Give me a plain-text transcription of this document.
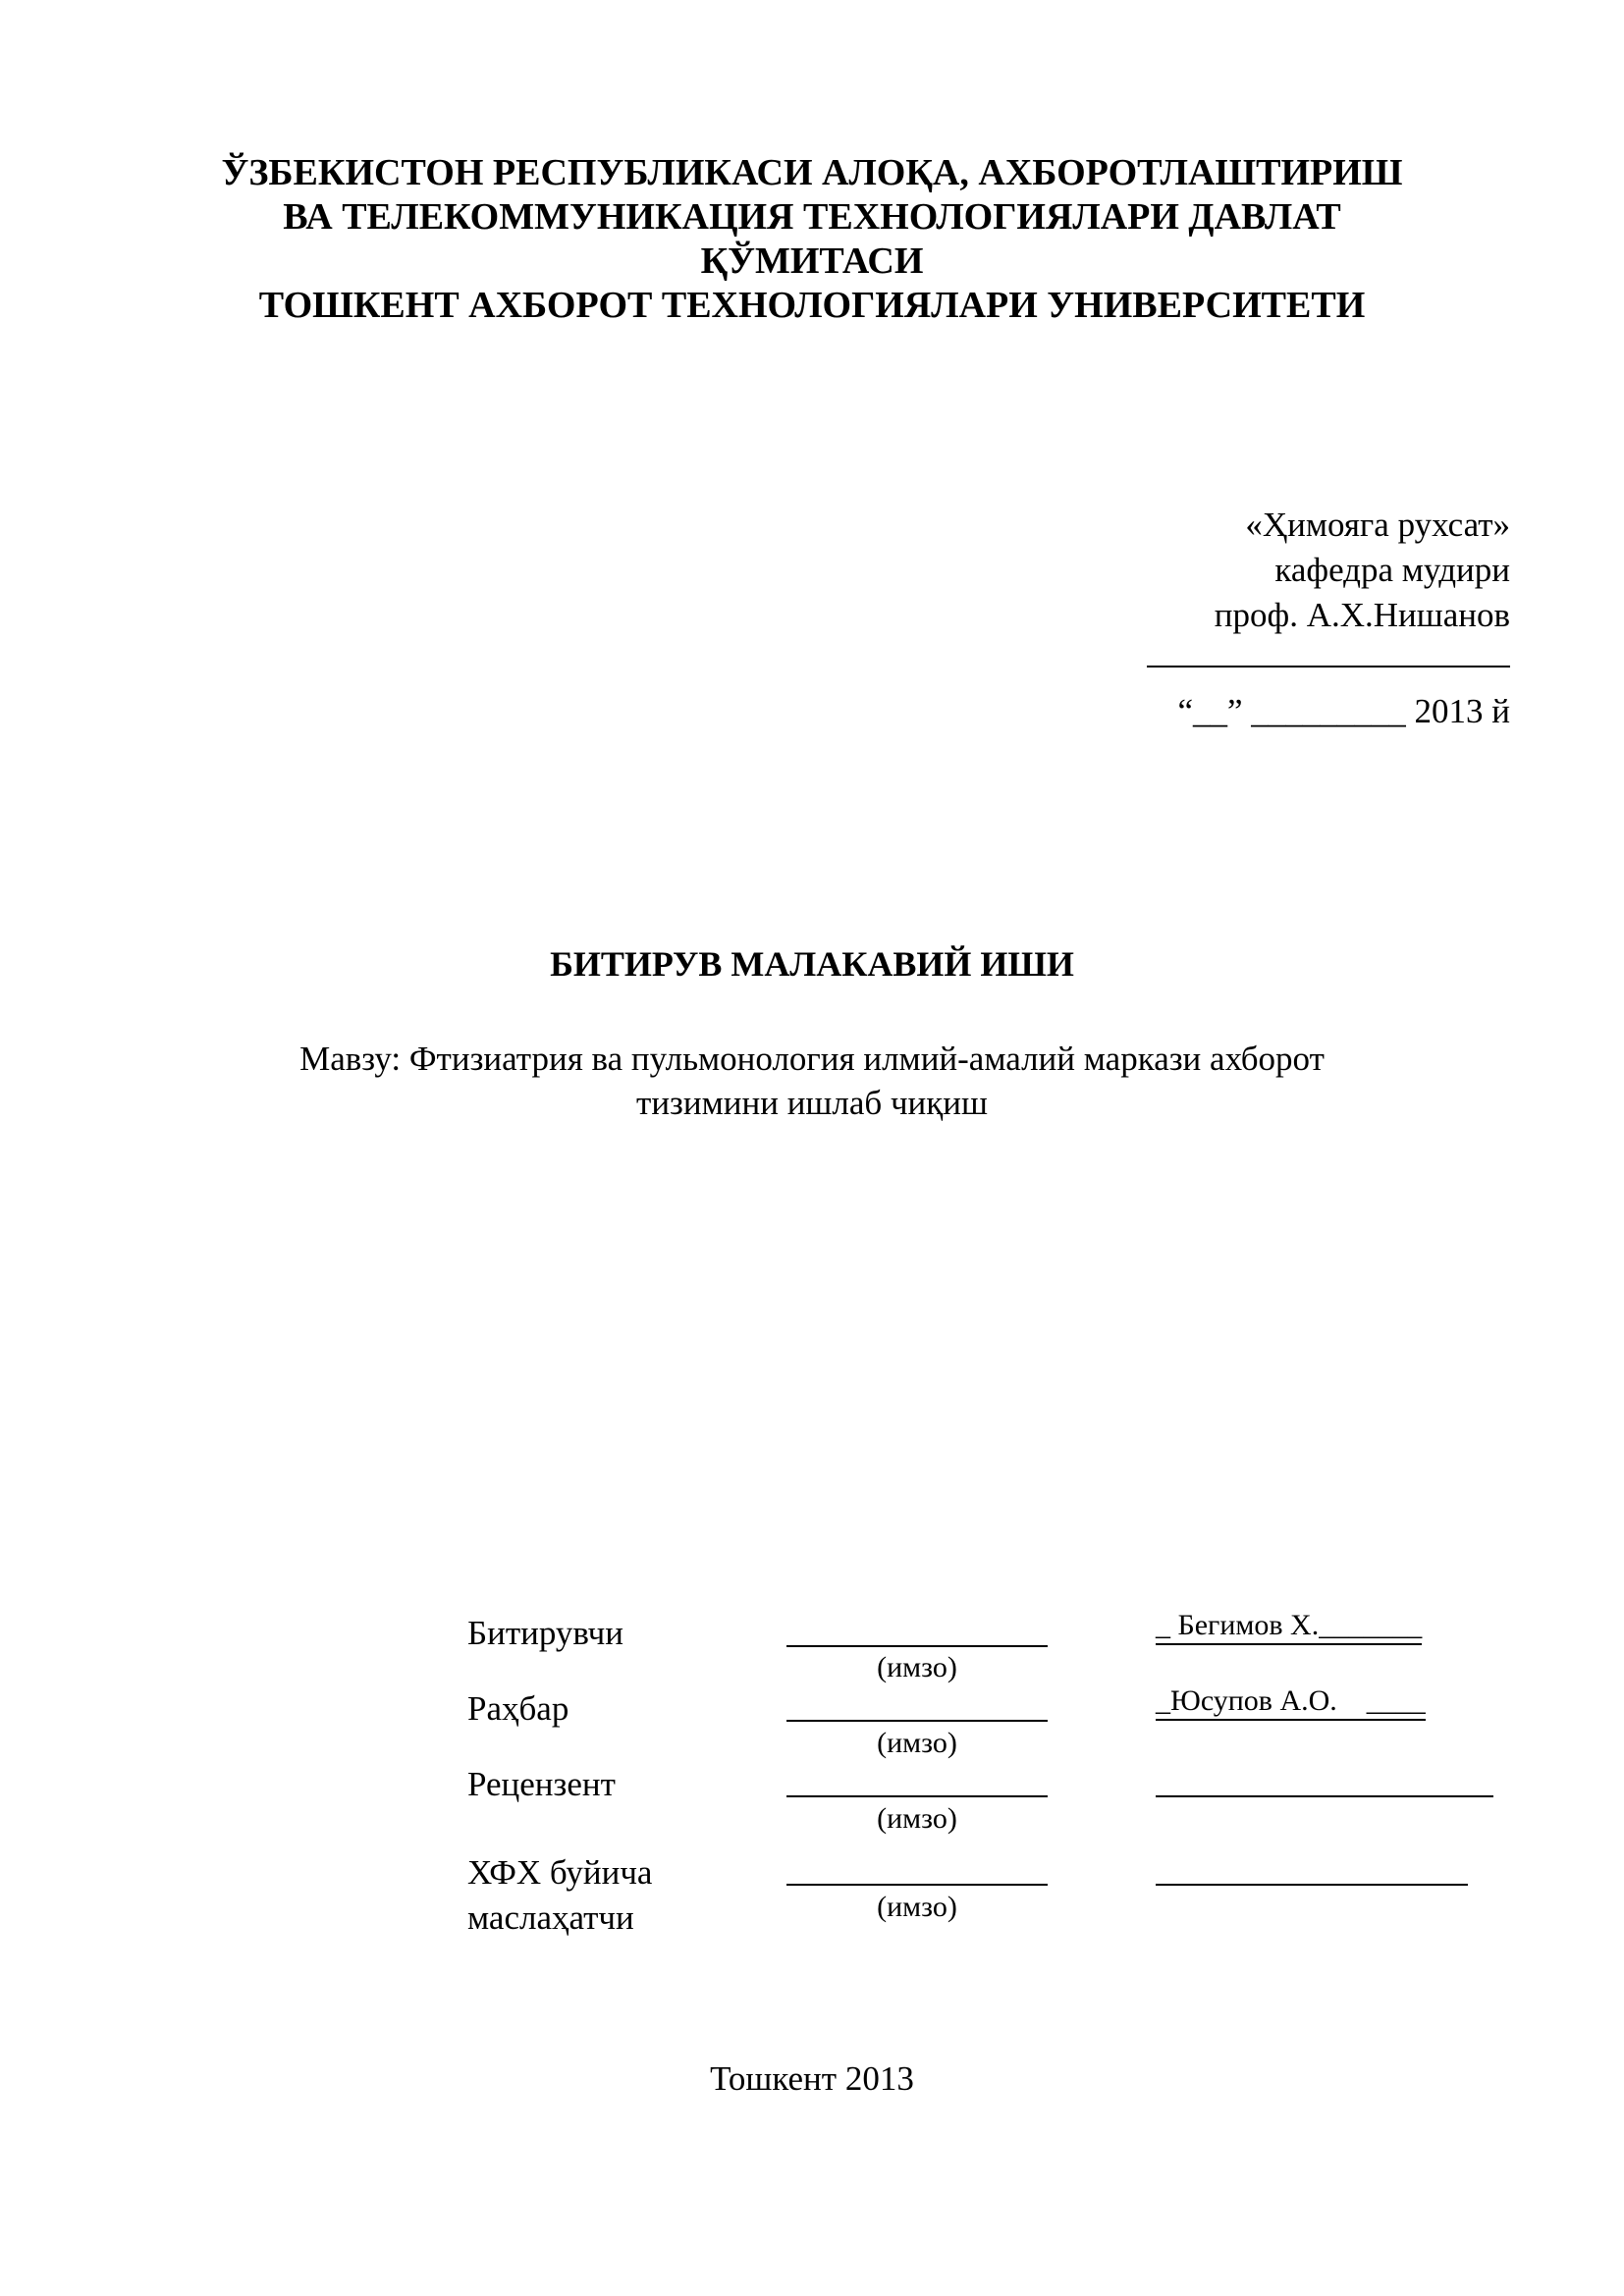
ЎЗБЕКИСТОН РЕСПУБЛИКАСИ АЛОҚА, АХБОРОТЛАШТИРИШ
ВА ТЕЛЕКОММУНИКАЦИЯ ТЕХНОЛОГИЯЛАРИ ДАВЛАТ
ҚЎМИТАСИ
ТОШКЕНТ АХБОРОТ ТЕХНОЛОГИЯЛАРИ УНИВЕРСИТЕТИ
«Ҳимояга рухсат»
кафедра мудири
проф. А.Х.Нишанов
“__” _________ 2013 й
БИТИРУВ МАЛАКАВИЙ ИШИ
Мавзу: Фтизиатрия ва пульмонология илмий-амалий маркази ахборот
тизимини ишлаб чиқиш
Битирувчи
(имзо)
_ Бегимов Х._______
Раҳбар
(имзо)
_Юсупов А.О.    ____
Рецензент
(имзо)
ХФХ буйича
маслаҳатчи	(имзо)
Тошкент 2013
